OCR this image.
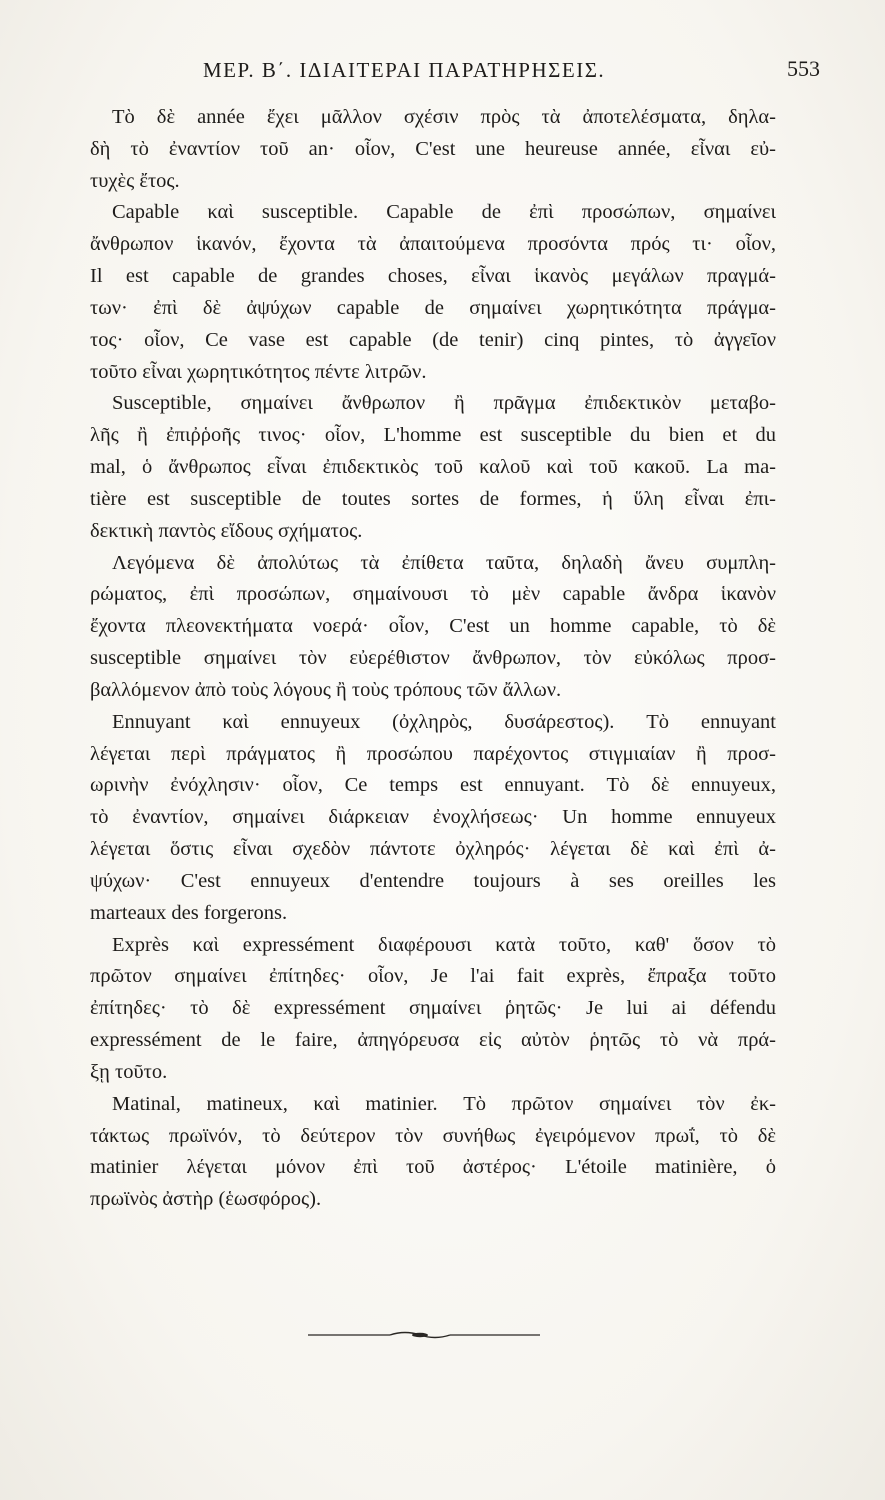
ΜΕΡ. Β΄. ΙΔΙΑΙΤΕΡΑΙ ΠΑΡΑΤΗΡΗΣΕΙΣ.	553
Τὸ δὲ année ἔχει μᾶλλον σχέσιν πρὸς τὰ ἀποτελέσματα, δηλα-
δὴ τὸ ἐναντίον τοῦ an· οἷον, C'est une heureuse année, εἶναι εὐ-
τυχὲς ἔτος.
Capable καὶ susceptible. Capable de ἐπὶ προσώπων, σημαίνει
ἄνθρωπον ἱκανόν, ἔχοντα τὰ ἀπαιτούμενα προσόντα πρός τι· οἷον,
Il est capable de grandes choses, εἶναι ἱκανὸς μεγάλων πραγμά-
των· ἐπὶ δὲ ἀψύχων capable de σημαίνει χωρητικότητα πράγμα-
τος· οἷον, Ce vase est capable (de tenir) cinq pintes, τὸ ἀγγεῖον
τοῦτο εἶναι χωρητικότητος πέντε λιτρῶν.
Susceptible, σημαίνει ἄνθρωπον ἢ πρᾶγμα ἐπιδεκτικὸν μεταβο-
λῆς ἢ ἐπιῤῥοῆς τινος· οἷον, L'homme est susceptible du bien et du
mal, ὁ ἄνθρωπος εἶναι ἐπιδεκτικὸς τοῦ καλοῦ καὶ τοῦ κακοῦ. La ma-
tière est susceptible de toutes sortes de formes, ἡ ὕλη εἶναι ἐπι-
δεκτικὴ παντὸς εἴδους σχήματος.
Λεγόμενα δὲ ἀπολύτως τὰ ἐπίθετα ταῦτα, δηλαδὴ ἄνευ συμπλη-
ρώματος, ἐπὶ προσώπων, σημαίνουσι τὸ μὲν capable ἄνδρα ἱκανὸν
ἔχοντα πλεονεκτήματα νοερά· οἷον, C'est un homme capable, τὸ δὲ
susceptible σημαίνει τὸν εὐερέθιστον ἄνθρωπον, τὸν εὐκόλως προσ-
βαλλόμενον ἀπὸ τοὺς λόγους ἢ τοὺς τρόπους τῶν ἄλλων.
Ennuyant καὶ ennuyeux (ὀχληρὸς, δυσάρεστος). Τὸ ennuyant
λέγεται περὶ πράγματος ἢ προσώπου παρέχοντος στιγμιαίαν ἢ προσ-
ωρινὴν ἐνόχλησιν· οἷον, Ce temps est ennuyant. Τὸ δὲ ennuyeux,
τὸ ἐναντίον, σημαίνει διάρκειαν ἐνοχλήσεως· Un homme ennuyeux
λέγεται ὅστις εἶναι σχεδὸν πάντοτε ὀχληρός· λέγεται δὲ καὶ ἐπὶ ἀ-
ψύχων· C'est ennuyeux d'entendre toujours à ses oreilles les
marteaux des forgerons.
Exprès καὶ expressément διαφέρουσι κατὰ τοῦτο, καθ' ὅσον τὸ
πρῶτον σημαίνει ἐπίτηδες· οἷον, Je l'ai fait exprès, ἔπραξα τοῦτο
ἐπίτηδες· τὸ δὲ expressément σημαίνει ῥητῶς· Je lui ai défendu
expressément de le faire, ἀπηγόρευσα εἰς αὐτὸν ῥητῶς τὸ νὰ πρά-
ξῃ τοῦτο.
Matinal, matineux, καὶ matinier. Τὸ πρῶτον σημαίνει τὸν ἐκ-
τάκτως πρωϊνόν, τὸ δεύτερον τὸν συνήθως ἐγειρόμενον πρωΐ, τὸ δὲ
matinier λέγεται μόνον ἐπὶ τοῦ ἀστέρος· L'étoile matinière, ὁ
πρωϊνὸς ἀστὴρ (ἑωσφόρος).
